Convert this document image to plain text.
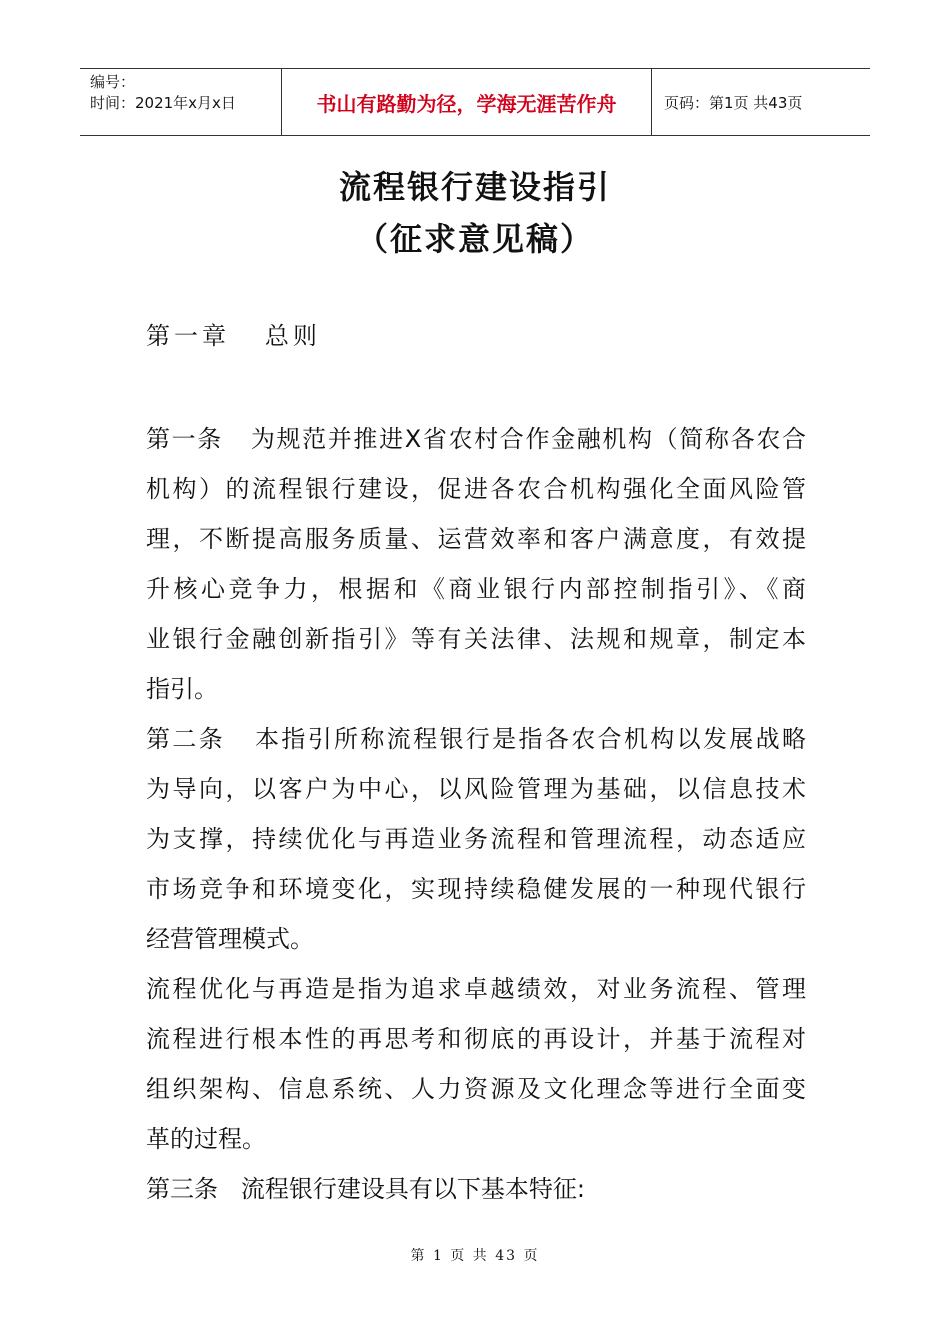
编号：
时间：2021年x月x日	书山有路勤为径，学海无涯苦作舟	页码：第1页 共43页
流程银行建设指引
（征求意见稿）
第一章   总则
第一条   为规范并推进X省农村合作金融机构（简称各农合
机构）的流程银行建设，促进各农合机构强化全面风险管
理，不断提高服务质量、运营效率和客户满意度，有效提
升核心竞争力，根据和《商业银行内部控制指引》、《商
业银行金融创新指引》等有关法律、法规和规章，制定本
指引。
第二条   本指引所称流程银行是指各农合机构以发展战略
为导向，以客户为中心，以风险管理为基础，以信息技术
为支撑，持续优化与再造业务流程和管理流程，动态适应
市场竞争和环境变化，实现持续稳健发展的一种现代银行
经营管理模式。
流程优化与再造是指为追求卓越绩效，对业务流程、管理
流程进行根本性的再思考和彻底的再设计，并基于流程对
组织架构、信息系统、人力资源及文化理念等进行全面变
革的过程。
第三条   流程银行建设具有以下基本特征:
第 1 页 共 43 页
